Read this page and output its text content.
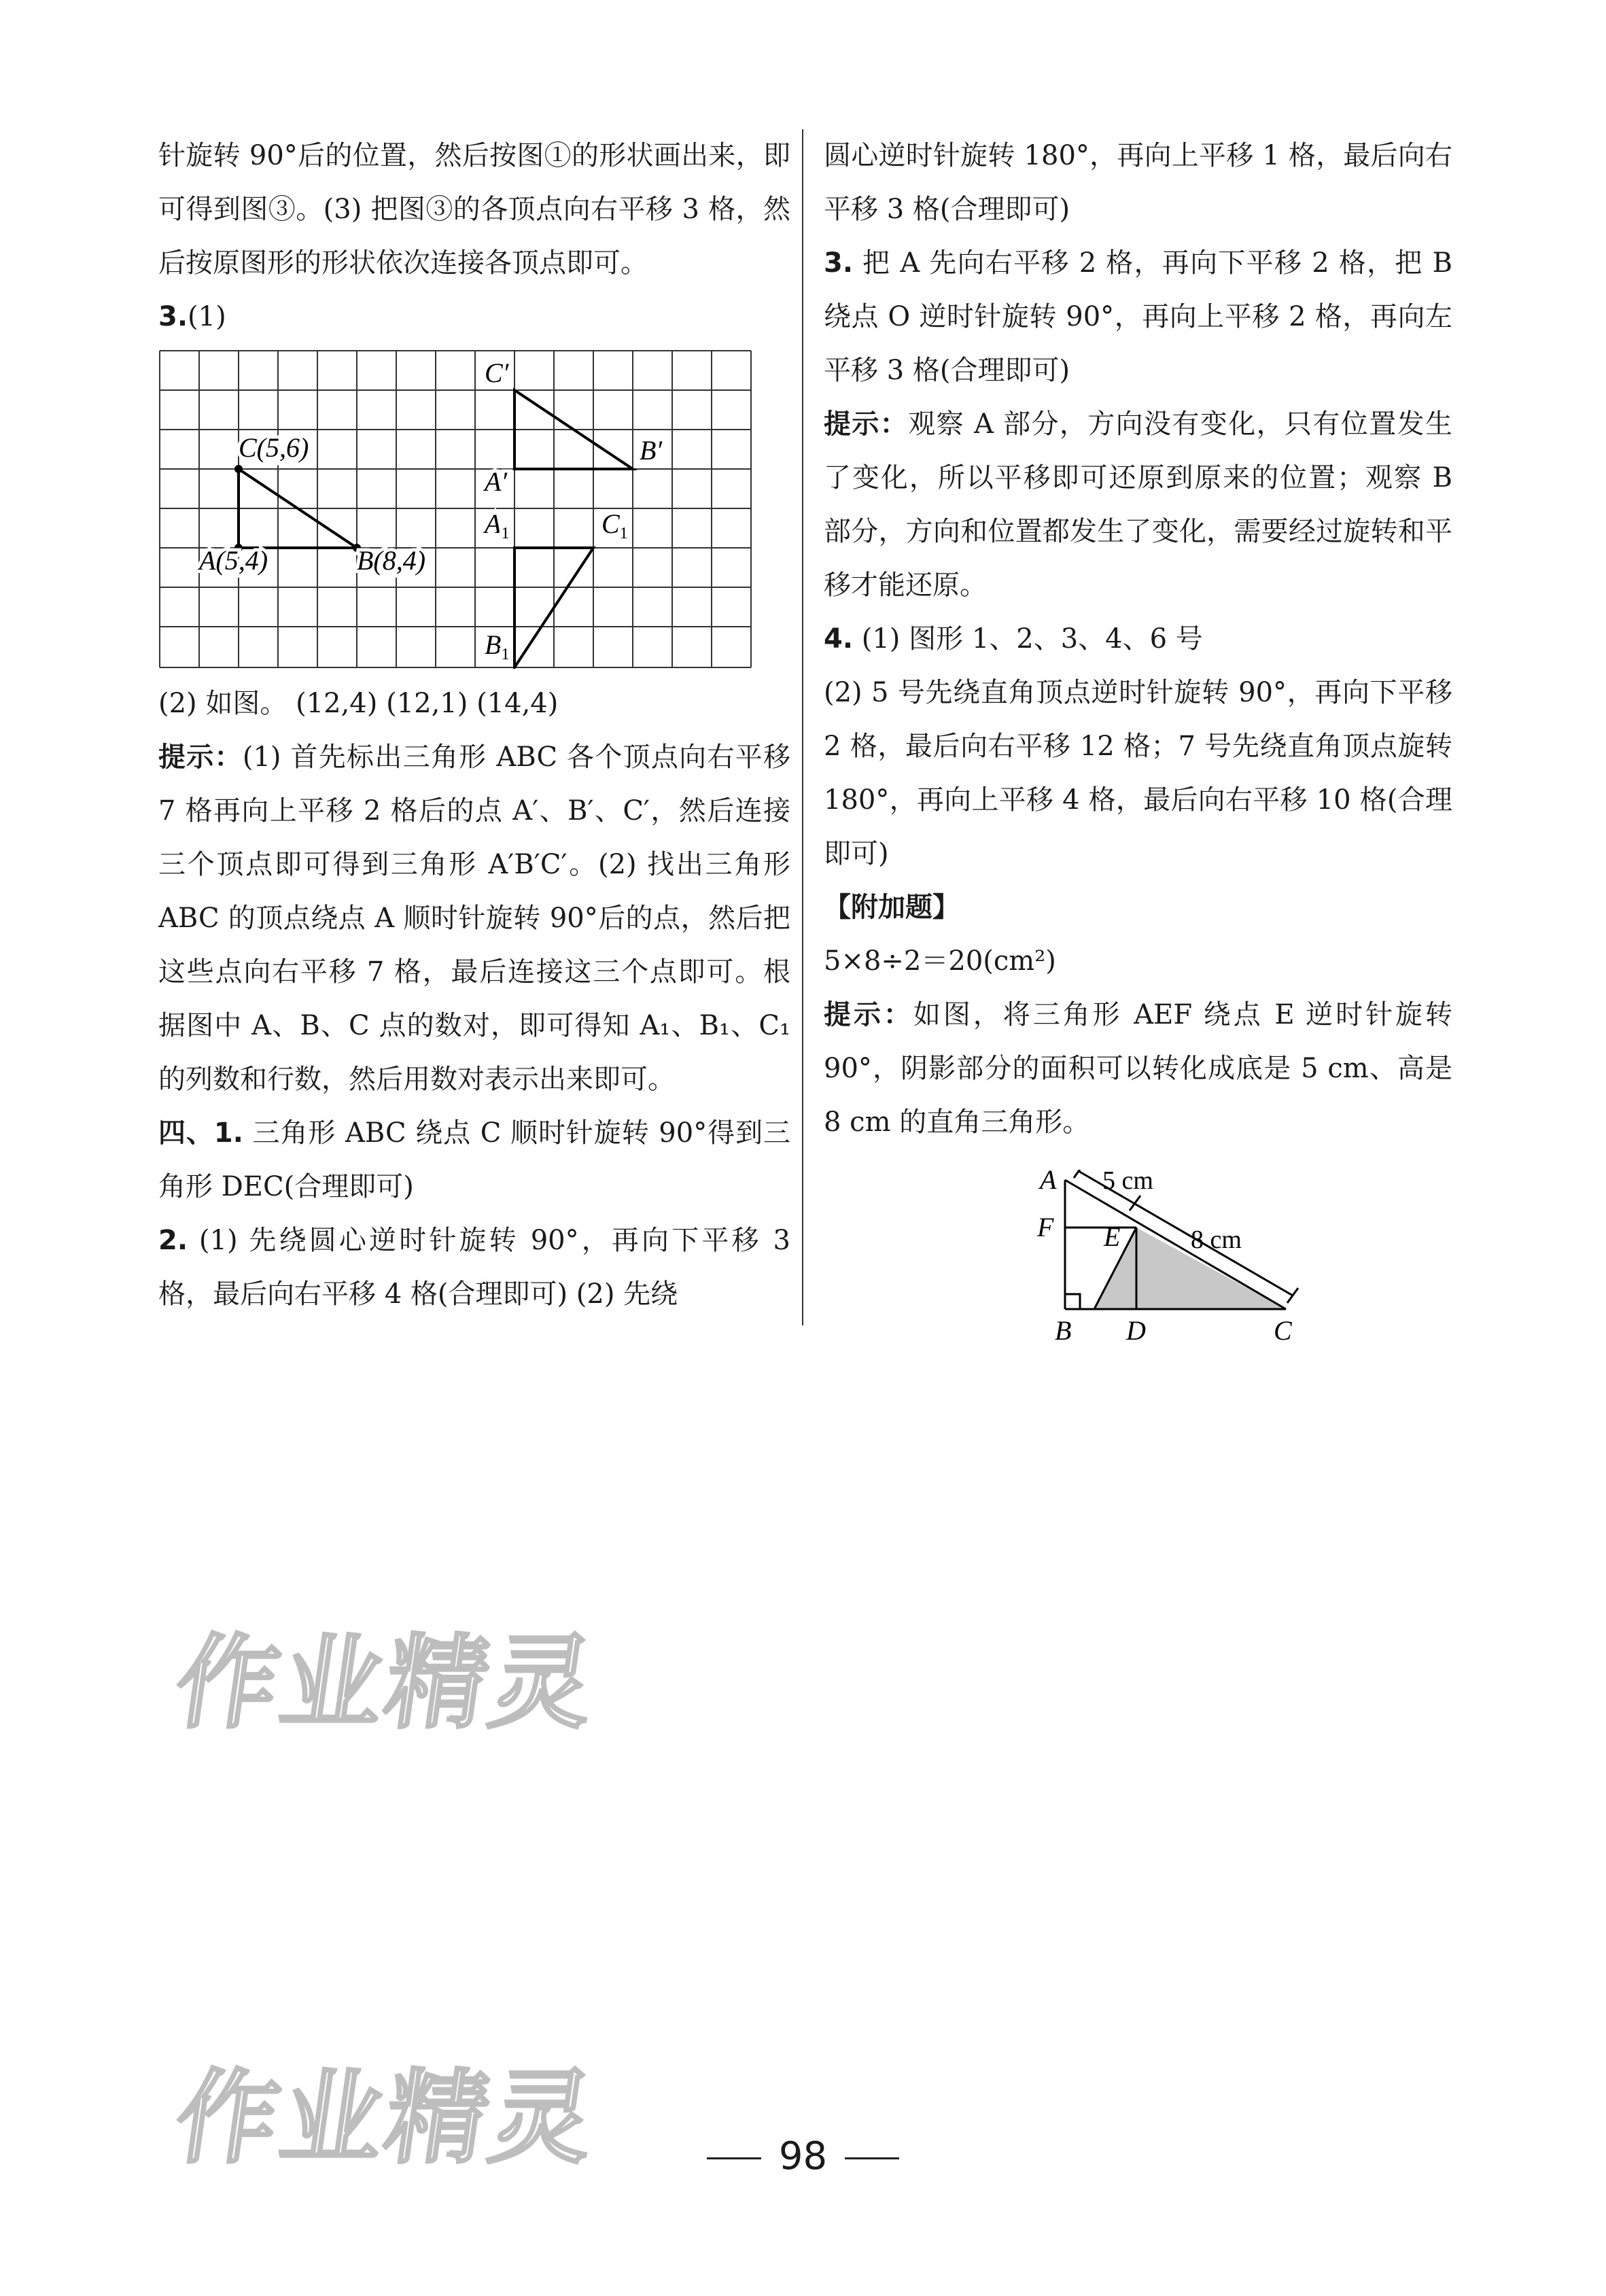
针旋转 90°后的位置，然后按图①的形状画出来，即可得到图③。(3) 把图③的各顶点向右平移 3 格，然后按原图形的形状依次连接各顶点即可。

3.(1)

C(5,6)
A(5,4)	B(8,4)
C′
A′
B′
$A_1$	$C_1$
$B_1$

(2) 如图。 (12,4) (12,1) (14,4)

提示：(1) 首先标出三角形 ABC 各个顶点向右平移 7 格再向上平移 2 格后的点 A′、B′、C′，然后连接三个顶点即可得到三角形 A′B′C′。(2) 找出三角形 ABC 的顶点绕点 A 顺时针旋转 90°后的点，然后把这些点向右平移 7 格，最后连接这三个点即可。根据图中 A、B、C 点的数对，即可得知 A₁、B₁、C₁的列数和行数，然后用数对表示出来即可。

四、1. 三角形 ABC 绕点 C 顺时针旋转 90°得到三角形 DEC(合理即可)

2. (1) 先绕圆心逆时针旋转 90°，再向下平移 3 格，最后向右平移 4 格(合理即可) (2) 先绕

圆心逆时针旋转 180°，再向上平移 1 格，最后向右平移 3 格(合理即可)

3. 把 A 先向右平移 2 格，再向下平移 2 格，把 B 绕点 O 逆时针旋转 90°，再向上平移 2 格，再向左平移 3 格(合理即可)

提示：观察 A 部分，方向没有变化，只有位置发生了变化，所以平移即可还原到原来的位置；观察 B 部分，方向和位置都发生了变化，需要经过旋转和平移才能还原。

4. (1) 图形 1、2、3、4、6 号

(2) 5 号先绕直角顶点逆时针旋转 90°，再向下平移 2 格，最后向右平移 12 格；7 号先绕直角顶点旋转 180°，再向上平移 4 格，最后向右平移 10 格(合理即可)

【附加题】

5×8÷2＝20(cm²)

提示：如图，将三角形 AEF 绕点 E 逆时针旋转 90°，阴影部分的面积可以转化成底是 5 cm、高是 8 cm 的直角三角形。

A
F E
B D	C
5 cm
8 cm
作业精灵
作业精灵	98
